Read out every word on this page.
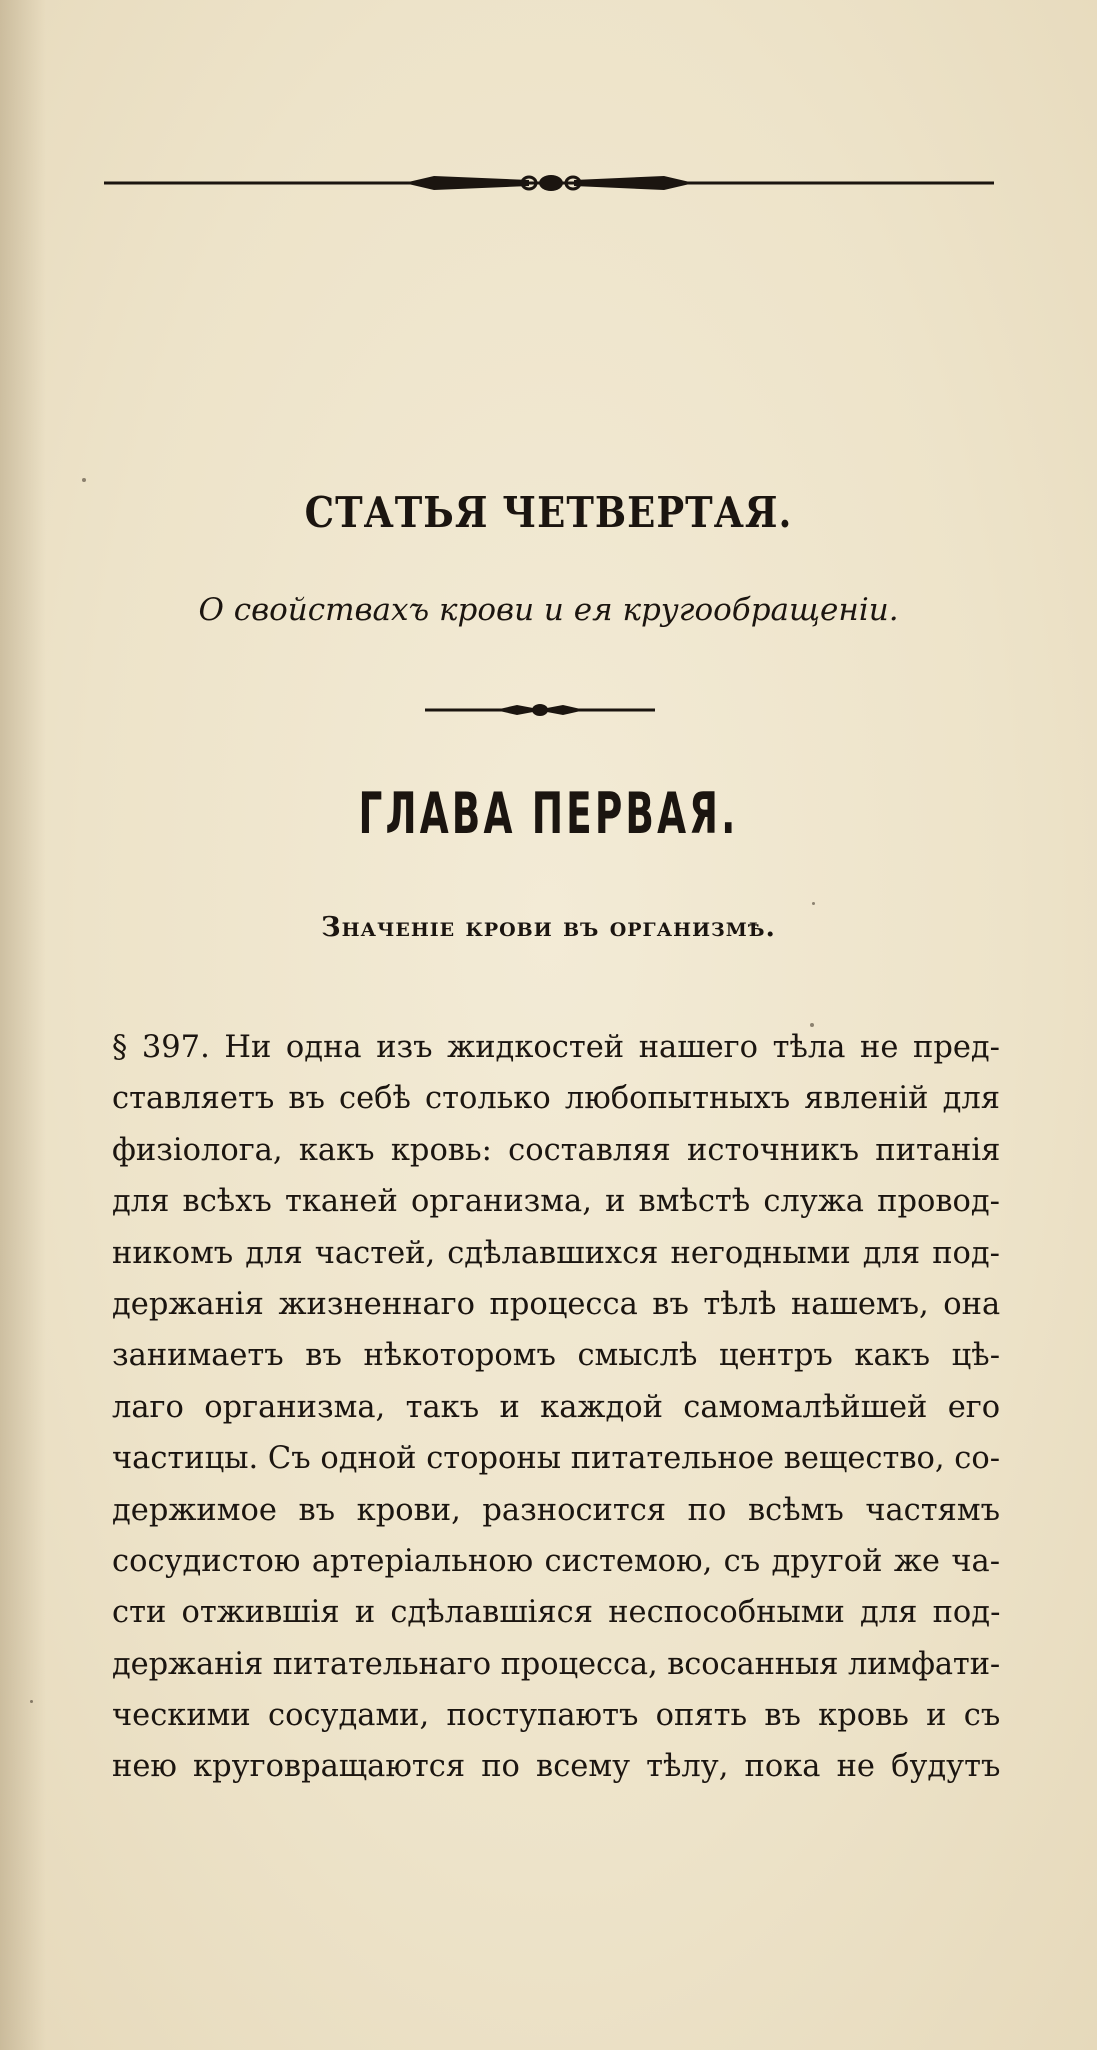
СТАТЬЯ ЧЕТВЕРТАЯ.
О свойствахъ крови и ея кругообращеніи.
ГЛАВА ПЕРВАЯ.
Значеніе крови въ организмѣ.
§ 397. Ни одна изъ жидкостей нашего тѣла не пред-
ставляетъ въ себѣ столько любопытныхъ явленій для
физіолога, какъ кровь: составляя источникъ питанія
для всѣхъ тканей организма, и вмѣстѣ служа провод-
никомъ для частей, сдѣлавшихся негодными для под-
держанія жизненнаго процесса въ тѣлѣ нашемъ, она
занимаетъ въ нѣкоторомъ смыслѣ центръ какъ цѣ-
лаго организма, такъ и каждой самомалѣйшей его
частицы. Съ одной стороны питательное вещество, со-
держимое въ крови, разносится по всѣмъ частямъ
сосудистою артеріальною системою, съ другой же ча-
сти отжившія и сдѣлавшіяся неспособными для под-
держанія питательнаго процесса, всосанныя лимфати-
ческими сосудами, поступаютъ опять въ кровь и съ
нею круговращаются по всему тѣлу, пока не будутъ
